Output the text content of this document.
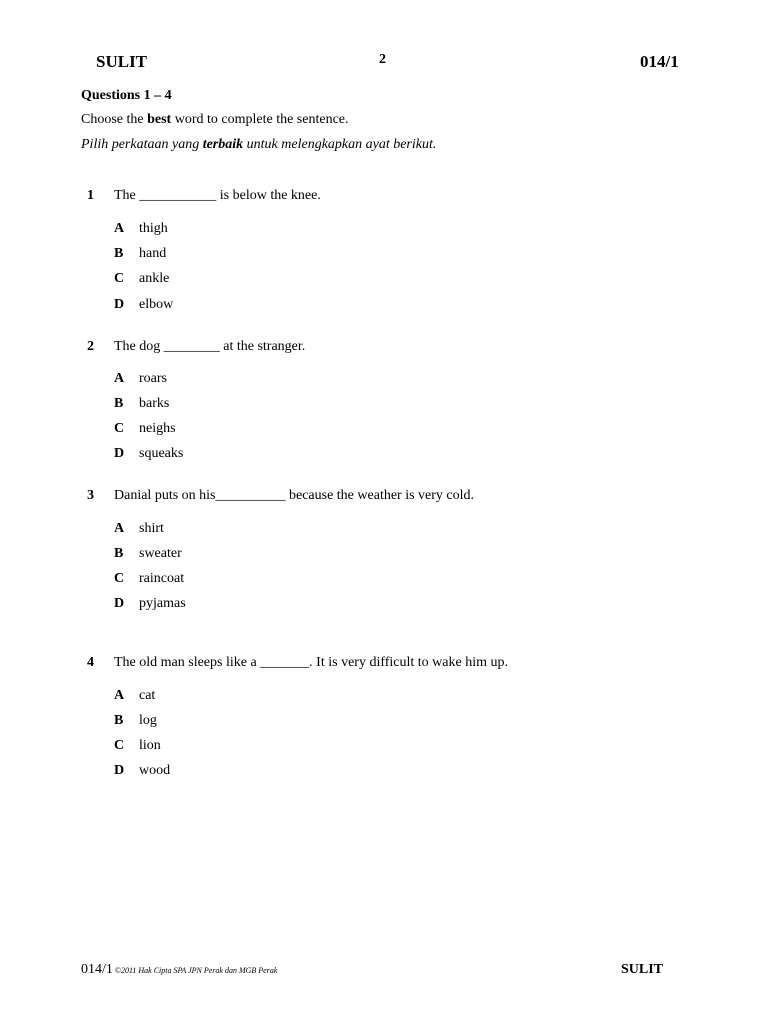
SULIT	2	014/1
Questions 1 – 4
Choose the best word to complete the sentence.
Pilih perkataan yang terbaik untuk melengkapkan ayat berikut.
1 The ___________ is below the knee.
A thigh
B hand
C ankle
D elbow
2 The dog ________ at the stranger.
A roars
B barks
C neighs
D squeaks
3 Danial puts on his__________ because the weather is very cold.
A shirt
B sweater
C raincoat
D pyjamas
4 The old man sleeps like a _______. It is very difficult to wake him up.
A cat
B log
C lion
D wood
014/1 ©2011 Hak Cipta SPA JPN Perak dan MGB Perak	SULIT
